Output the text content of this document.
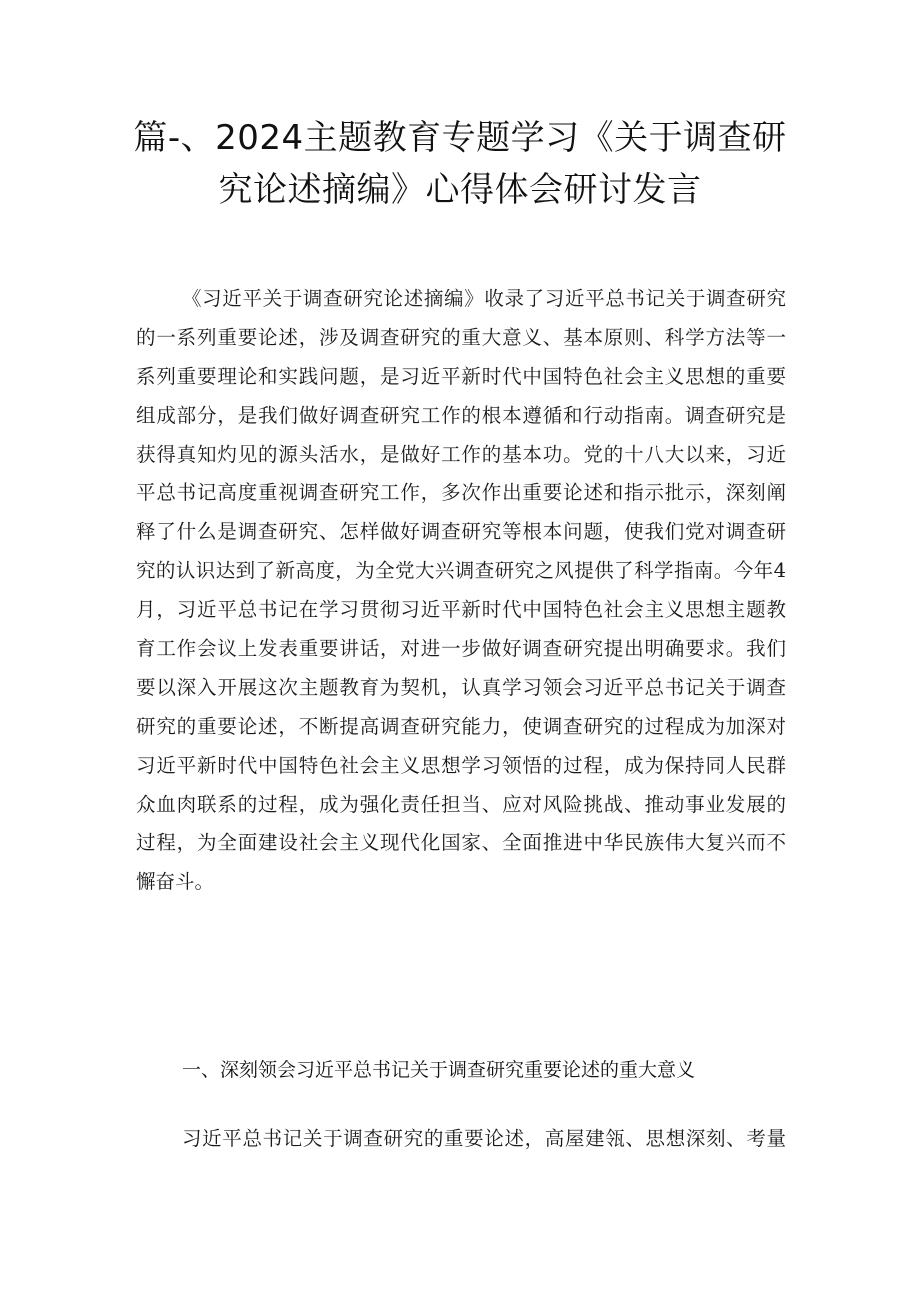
篇-、2024主题教育专题学习《关于调查研
究论述摘编》心得体会研讨发言
《习近平关于调查研究论述摘编》收录了习近平总书记关于调查研究
的一系列重要论述，涉及调查研究的重大意义、基本原则、科学方法等一
系列重要理论和实践问题，是习近平新时代中国特色社会主义思想的重要
组成部分，是我们做好调查研究工作的根本遵循和行动指南。调查研究是
获得真知灼见的源头活水，是做好工作的基本功。党的十八大以来，习近
平总书记高度重视调查研究工作，多次作出重要论述和指示批示，深刻阐
释了什么是调查研究、怎样做好调查研究等根本问题，使我们党对调查研
究的认识达到了新高度，为全党大兴调查研究之风提供了科学指南。今年4
月，习近平总书记在学习贯彻习近平新时代中国特色社会主义思想主题教
育工作会议上发表重要讲话，对进一步做好调查研究提出明确要求。我们
要以深入开展这次主题教育为契机，认真学习领会习近平总书记关于调查
研究的重要论述，不断提高调查研究能力，使调查研究的过程成为加深对
习近平新时代中国特色社会主义思想学习领悟的过程，成为保持同人民群
众血肉联系的过程，成为强化责任担当、应对风险挑战、推动事业发展的
过程，为全面建设社会主义现代化国家、全面推进中华民族伟大复兴而不
懈奋斗。
一、深刻领会习近平总书记关于调查研究重要论述的重大意义
习近平总书记关于调查研究的重要论述，高屋建瓴、思想深刻、考量
